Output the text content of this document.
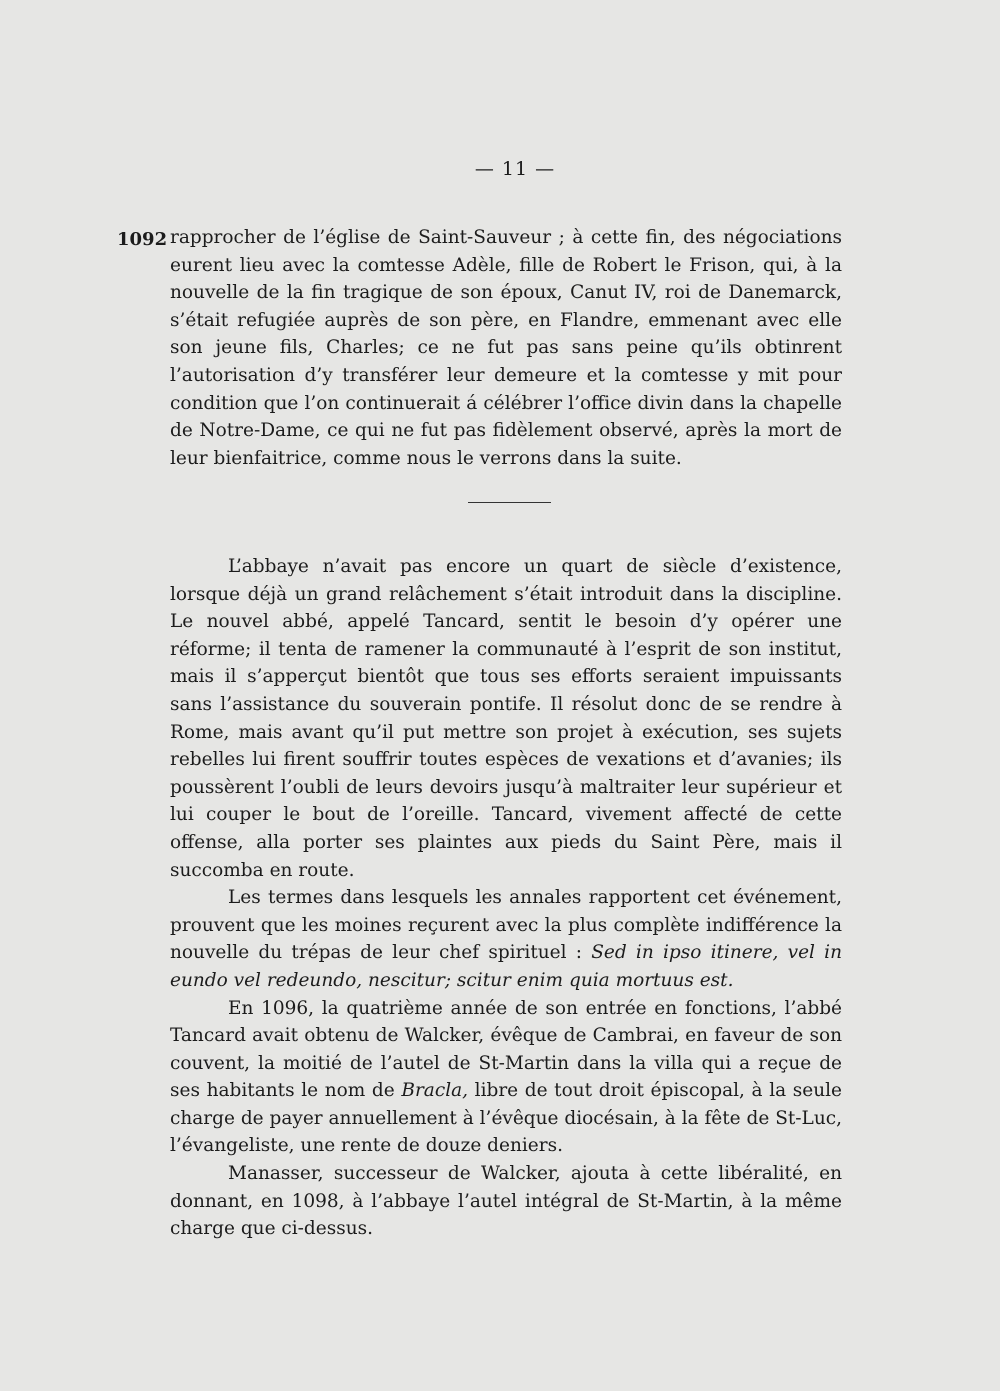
— 11 —
1092 rapprocher de l’église de Saint-Sauveur ; à cette fin, des négociations eurent lieu avec la comtesse Adèle, fille de Robert le Frison, qui, à la nouvelle de la fin tragique de son époux, Canut IV, roi de Danemarck, s’était refugiée auprès de son père, en Flandre, emmenant avec elle son jeune fils, Charles; ce ne fut pas sans peine qu’ils obtinrent l’autorisation d’y transférer leur demeure et la comtesse y mit pour condition que l’on continuerait á célébrer l’office divin dans la chapelle de Notre-Dame, ce qui ne fut pas fidèlement observé, après la mort de leur bienfaitrice, comme nous le verrons dans la suite.

L’abbaye n’avait pas encore un quart de siècle d’existence, lorsque déjà un grand relâchement s’était introduit dans la discipline. Le nouvel abbé, appelé Tancard, sentit le besoin d’y opérer une réforme; il tenta de ramener la communauté à l’esprit de son institut, mais il s’apperçut bientôt que tous ses efforts seraient impuissants sans l’assistance du souverain pontife. Il résolut donc de se rendre à Rome, mais avant qu’il put mettre son projet à exécution, ses sujets rebelles lui firent souffrir toutes espèces de vexations et d’avanies; ils poussèrent l’oubli de leurs devoirs jusqu’à maltraiter leur supérieur et lui couper le bout de l’oreille. Tancard, vivement affecté de cette offense, alla porter ses plaintes aux pieds du Saint Père, mais il succomba en route.

Les termes dans lesquels les annales rapportent cet événement, prouvent que les moines reçurent avec la plus complète indifférence la nouvelle du trépas de leur chef spirituel : Sed in ipso itinere, vel in eundo vel redeundo, nescitur; scitur enim quia mortuus est.

En 1096, la quatrième année de son entrée en fonctions, l’abbé Tancard avait obtenu de Walcker, évêque de Cambrai, en faveur de son couvent, la moitié de l’autel de St-Martin dans la villa qui a reçue de ses habitants le nom de Bracla, libre de tout droit épiscopal, à la seule charge de payer annuellement à l’évêque diocésain, à la fête de St-Luc, l’évangeliste, une rente de douze deniers.

Manasser, successeur de Walcker, ajouta à cette libéralité, en donnant, en 1098, à l’abbaye l’autel intégral de St-Martin, à la même charge que ci-dessus.
